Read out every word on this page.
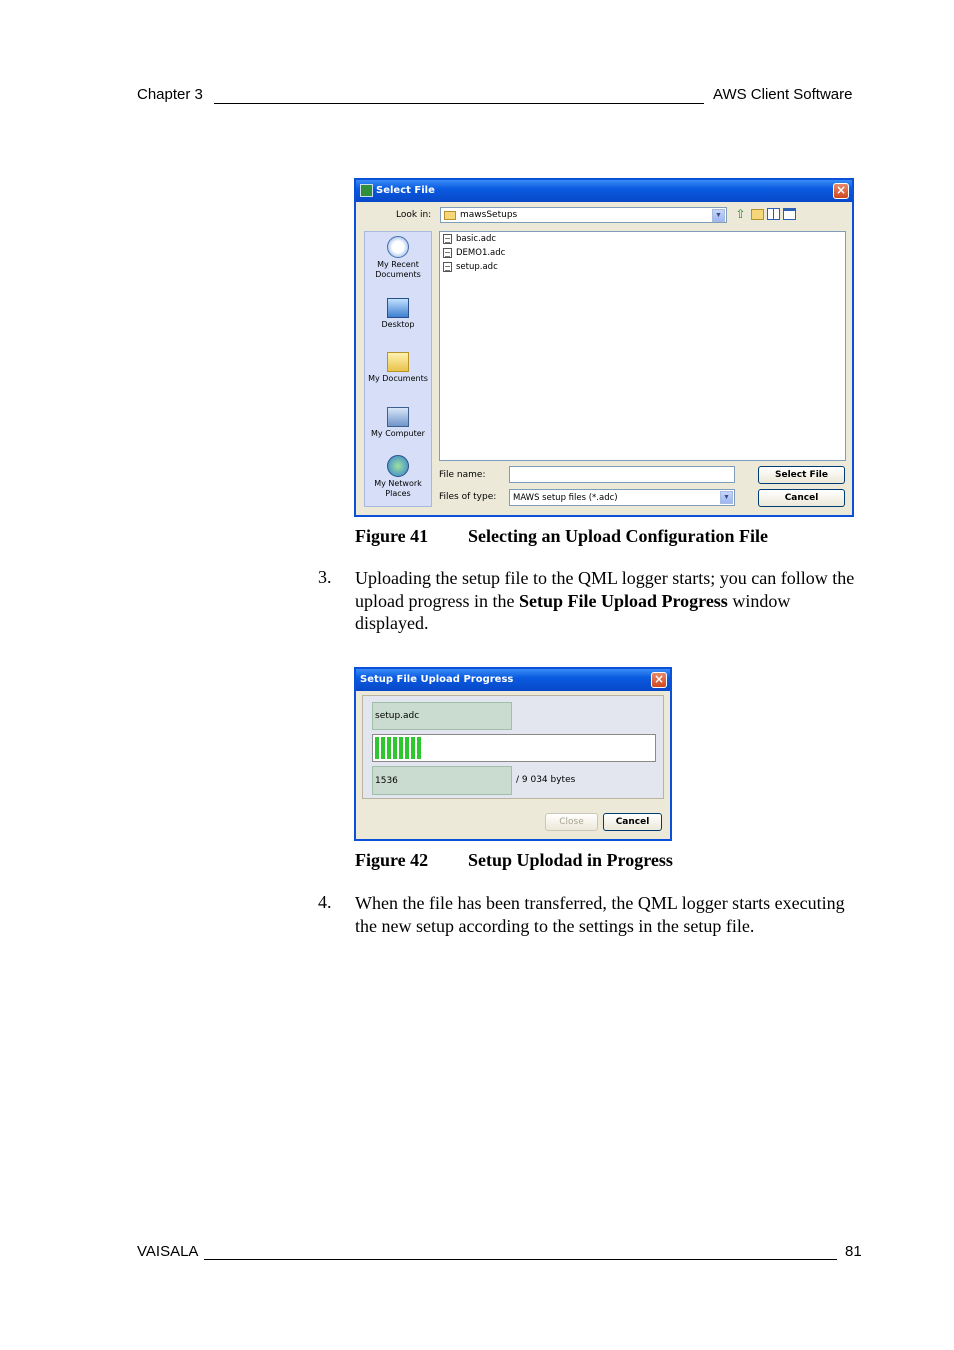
Chapter 3	AWS Client Software
Select File	×
Look in:	mawsSetups	▼ ⇧
My Recent
Documents
Desktop
My Documents
My Computer
My Network
Places
basic.adc
DEMO1.adc
setup.adc
File name:	Select File
Files of type: MAWS setup files (*.adc)	▼	Cancel
Figure 41 Selecting an Upload Configuration File
3. Uploading the setup file to the QML logger starts; you can follow the upload progress in the Setup File Upload Progress window displayed.
Setup File Upload Progress	×
setup.adc
1536	/ 9 034 bytes
Close	Cancel
Figure 42 Setup Uplodad in Progress
4. When the file has been transferred, the QML logger starts executing the new setup according to the settings in the setup file.
VAISALA	81
